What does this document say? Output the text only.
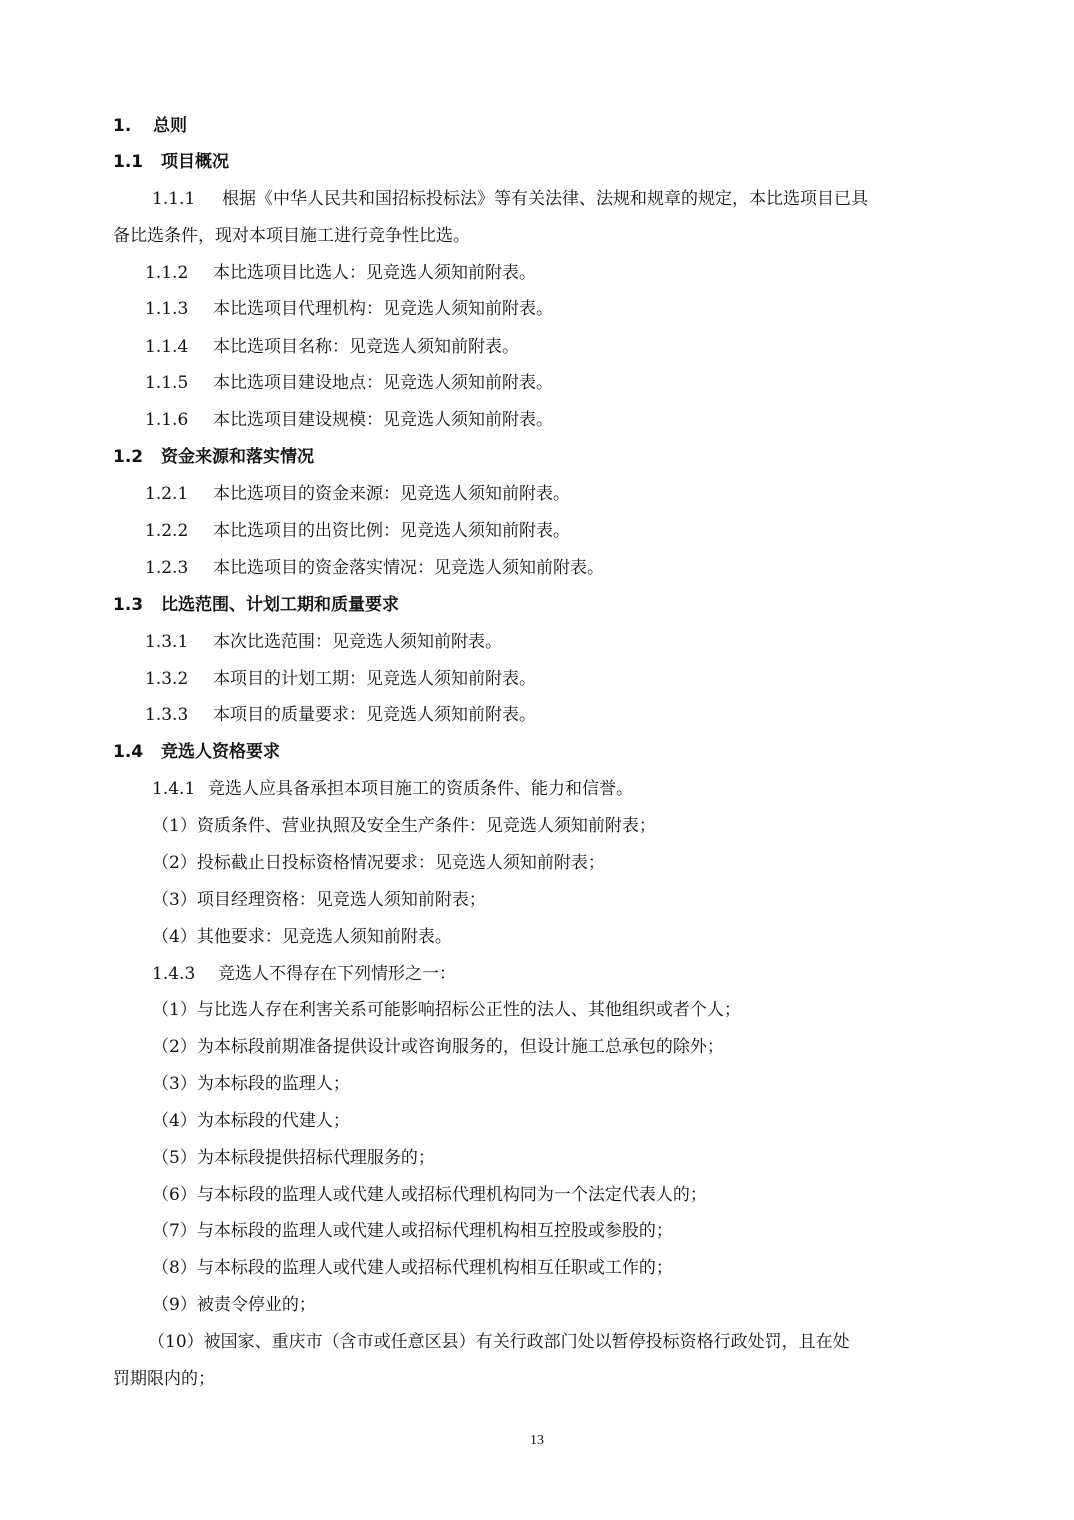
1. 总则
1.1 项目概况
1.1.1 根据《中华人民共和国招标投标法》等有关法律、法规和规章的规定，本比选项目已具
备比选条件，现对本项目施工进行竞争性比选。
1.1.2 本比选项目比选人：见竞选人须知前附表。
1.1.3 本比选项目代理机构：见竞选人须知前附表。
1.1.4 本比选项目名称：见竞选人须知前附表。
1.1.5 本比选项目建设地点：见竞选人须知前附表。
1.1.6 本比选项目建设规模：见竞选人须知前附表。
1.2 资金来源和落实情况
1.2.1 本比选项目的资金来源：见竞选人须知前附表。
1.2.2 本比选项目的出资比例：见竞选人须知前附表。
1.2.3 本比选项目的资金落实情况：见竞选人须知前附表。
1.3 比选范围、计划工期和质量要求
1.3.1 本次比选范围：见竞选人须知前附表。
1.3.2 本项目的计划工期：见竞选人须知前附表。
1.3.3 本项目的质量要求：见竞选人须知前附表。
1.4 竞选人资格要求
1.4.1 竞选人应具备承担本项目施工的资质条件、能力和信誉。
（1）资质条件、营业执照及安全生产条件：见竞选人须知前附表；
（2）投标截止日投标资格情况要求：见竞选人须知前附表；
（3）项目经理资格：见竞选人须知前附表；
（4）其他要求：见竞选人须知前附表。
1.4.3 竞选人不得存在下列情形之一：
（1）与比选人存在利害关系可能影响招标公正性的法人、其他组织或者个人；
（2）为本标段前期准备提供设计或咨询服务的，但设计施工总承包的除外；
（3）为本标段的监理人；
（4）为本标段的代建人；
（5）为本标段提供招标代理服务的；
（6）与本标段的监理人或代建人或招标代理机构同为一个法定代表人的；
（7）与本标段的监理人或代建人或招标代理机构相互控股或参股的；
（8）与本标段的监理人或代建人或招标代理机构相互任职或工作的；
（9）被责令停业的；
（10）被国家、重庆市（含市或任意区县）有关行政部门处以暂停投标资格行政处罚，且在处
罚期限内的；
13
